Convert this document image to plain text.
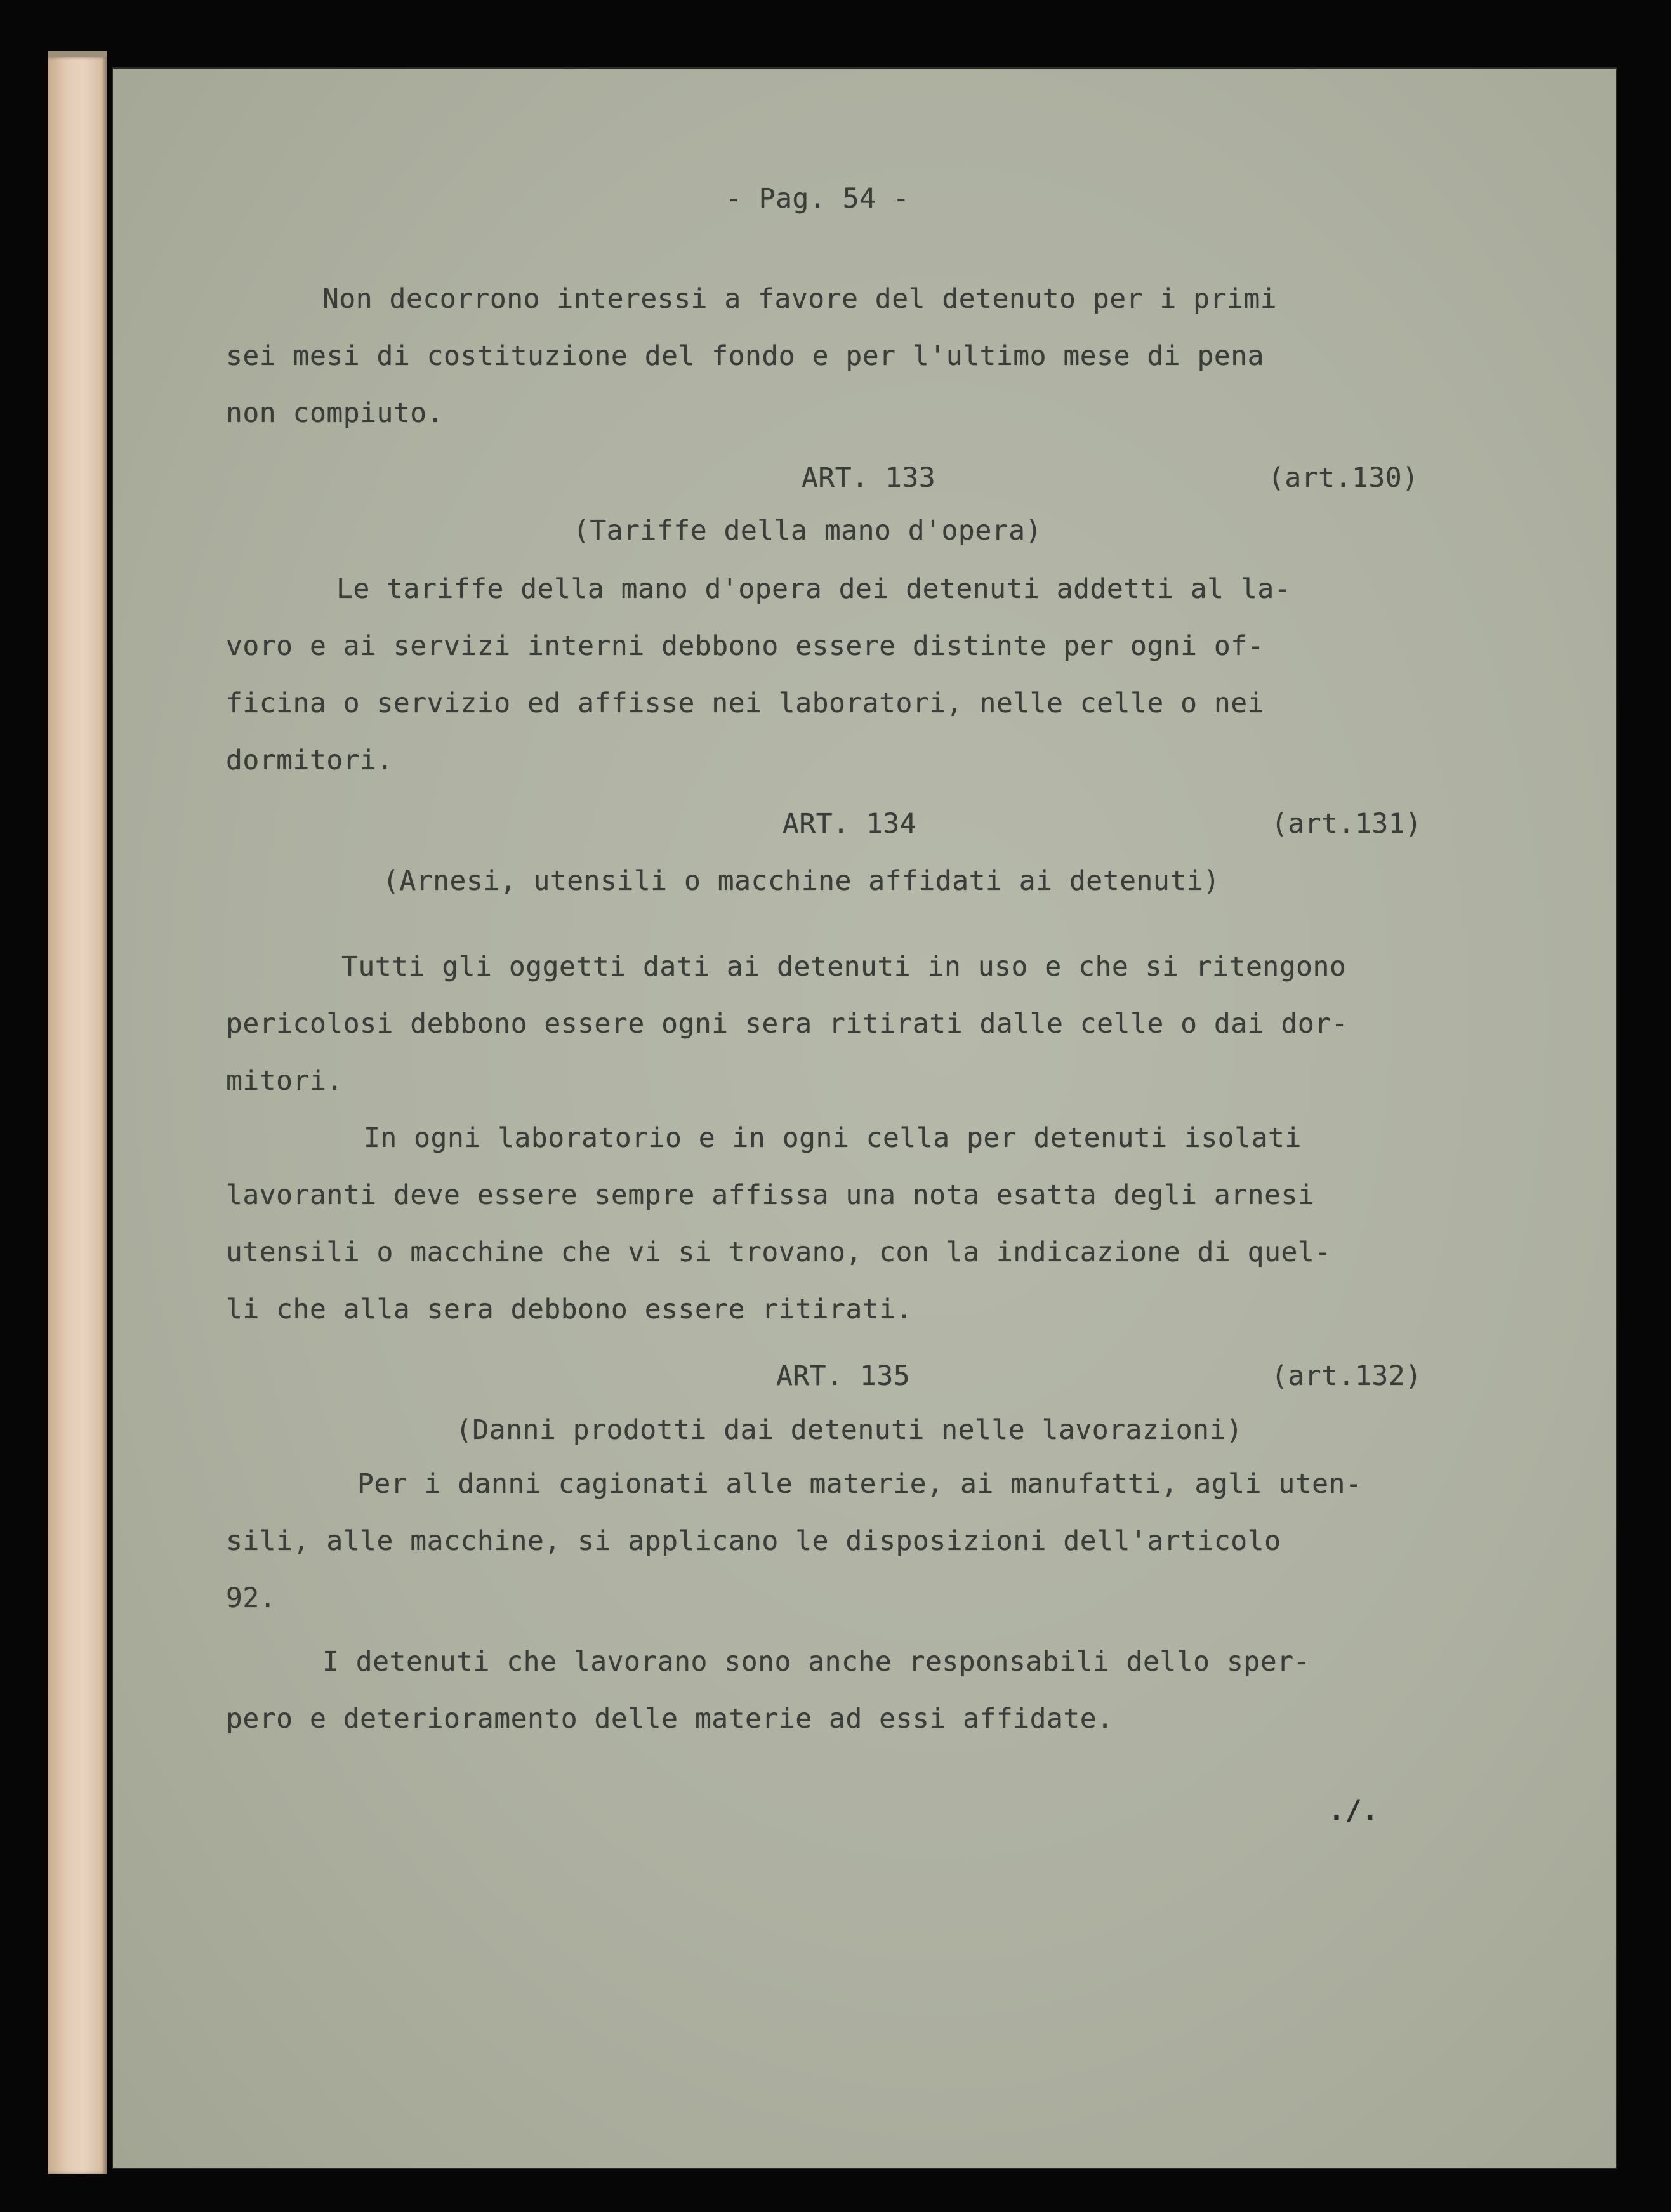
- Pag. 54 -
Non decorrono interessi a favore del detenuto per i primi
sei mesi di costituzione del fondo e per l'ultimo mese di pena
non compiuto.
ART. 133	(art.130)
(Tariffe della mano d'opera)
Le tariffe della mano d'opera dei detenuti addetti al la-
voro e ai servizi interni debbono essere distinte per ogni of-
ficina o servizio ed affisse nei laboratori, nelle celle o nei
dormitori.
ART. 134	(art.131)
(Arnesi, utensili o macchine affidati ai detenuti)
Tutti gli oggetti dati ai detenuti in uso e che si ritengono
pericolosi debbono essere ogni sera ritirati dalle celle o dai dor-
mitori.
In ogni laboratorio e in ogni cella per detenuti isolati
lavoranti deve essere sempre affissa una nota esatta degli arnesi
utensili o macchine che vi si trovano, con la indicazione di quel-
li che alla sera debbono essere ritirati.
ART. 135	(art.132)
(Danni prodotti dai detenuti nelle lavorazioni)
Per i danni cagionati alle materie, ai manufatti, agli uten-
sili, alle macchine, si applicano le disposizioni dell'articolo
92.
I detenuti che lavorano sono anche responsabili dello sper-
pero e deterioramento delle materie ad essi affidate.
./.
